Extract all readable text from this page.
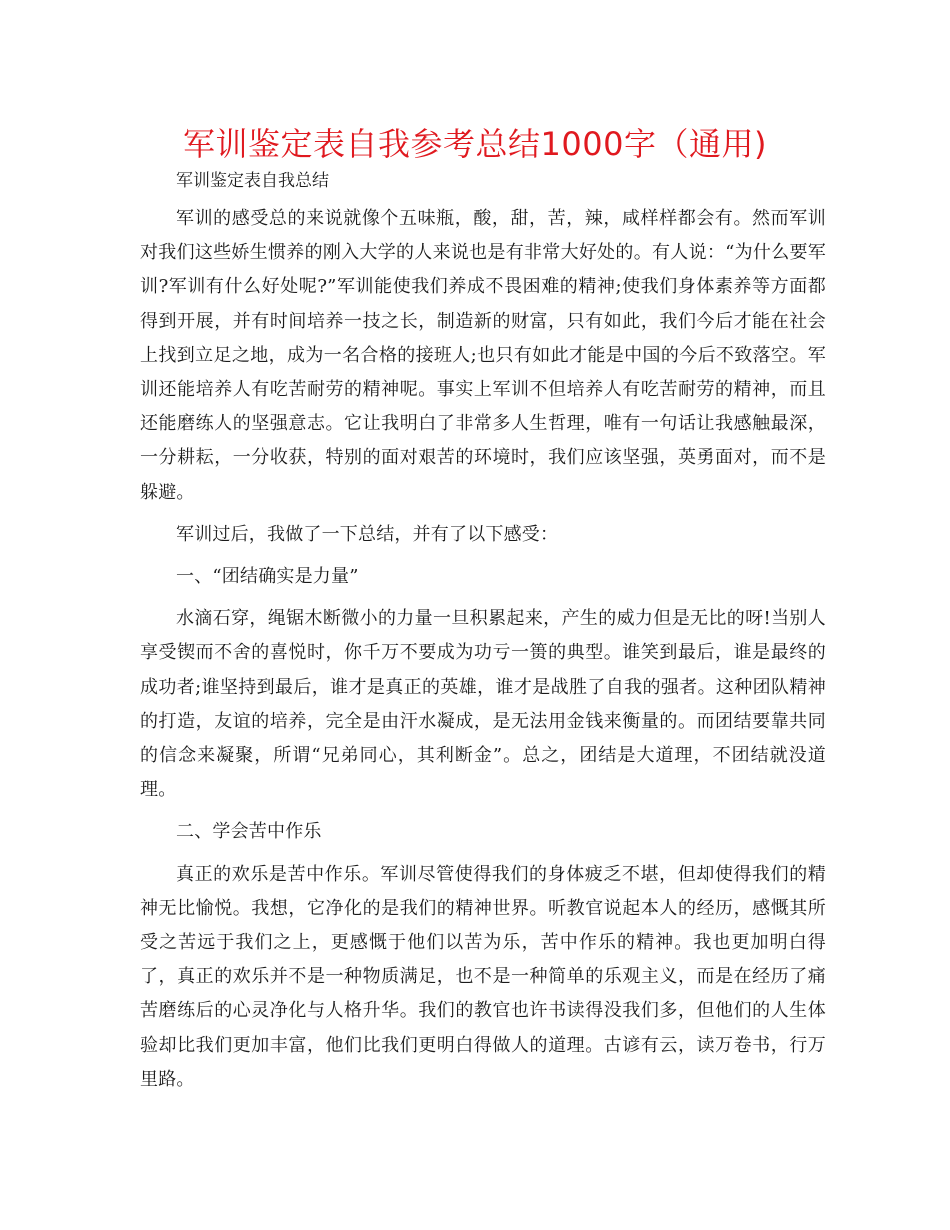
军训鉴定表自我参考总结1000字（通用)

军训鉴定表自我总结

军训的感受总的来说就像个五味瓶，酸，甜，苦，辣，咸样样都会有。然而军训对我们这些娇生惯养的刚入大学的人来说也是有非常大好处的。有人说：“为什么要军训?军训有什么好处呢?”军训能使我们养成不畏困难的精神;使我们身体素养等方面都得到开展，并有时间培养一技之长，制造新的财富，只有如此，我们今后才能在社会上找到立足之地，成为一名合格的接班人;也只有如此才能是中国的今后不致落空。军训还能培养人有吃苦耐劳的精神呢。事实上军训不但培养人有吃苦耐劳的精神，而且还能磨练人的坚强意志。它让我明白了非常多人生哲理，唯有一句话让我感触最深，一分耕耘，一分收获，特别的面对艰苦的环境时，我们应该坚强，英勇面对，而不是躲避。

军训过后，我做了一下总结，并有了以下感受：

一、“团结确实是力量”

水滴石穿，绳锯木断微小的力量一旦积累起来，产生的威力但是无比的呀!当别人享受锲而不舍的喜悦时，你千万不要成为功亏一篑的典型。谁笑到最后，谁是最终的成功者;谁坚持到最后，谁才是真正的英雄，谁才是战胜了自我的强者。这种团队精神的打造，友谊的培养，完全是由汗水凝成，是无法用金钱来衡量的。而团结要靠共同的信念来凝聚，所谓“兄弟同心，其利断金”。总之，团结是大道理，不团结就没道理。

二、学会苦中作乐

真正的欢乐是苦中作乐。军训尽管使得我们的身体疲乏不堪，但却使得我们的精神无比愉悦。我想，它净化的是我们的精神世界。听教官说起本人的经历，感慨其所受之苦远于我们之上，更感慨于他们以苦为乐，苦中作乐的精神。我也更加明白得了，真正的欢乐并不是一种物质满足，也不是一种简单的乐观主义，而是在经历了痛苦磨练后的心灵净化与人格升华。我们的教官也许书读得没我们多，但他们的人生体验却比我们更加丰富，他们比我们更明白得做人的道理。古谚有云，读万卷书，行万里路。
